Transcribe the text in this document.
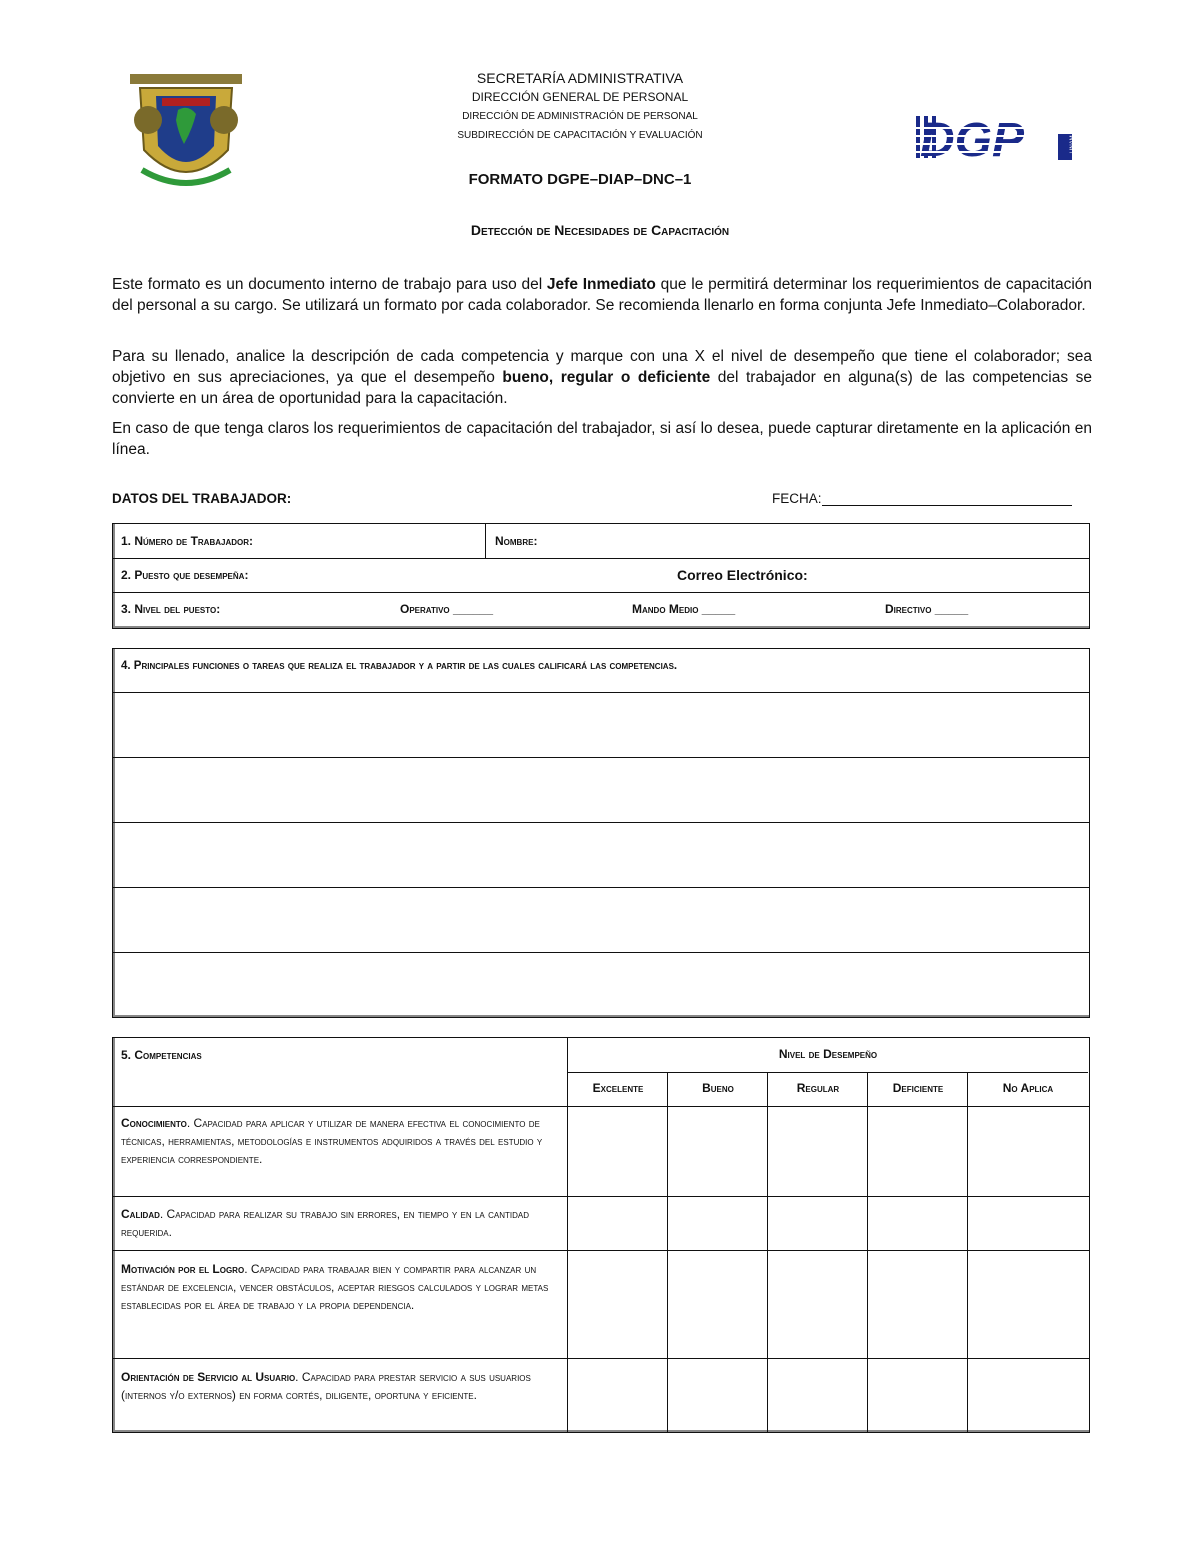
DGP	UNAM
SECRETARÍA ADMINISTRATIVA
DIRECCIÓN GENERAL DE PERSONAL
DIRECCIÓN DE ADMINISTRACIÓN DE PERSONAL
SUBDIRECCIÓN DE CAPACITACIÓN Y EVALUACIÓN
FORMATO DGPE–DIAP–DNC–1
Detección de Necesidades de Capacitación
Este formato es un documento interno de trabajo para uso del Jefe Inmediato que le permitirá determinar los requerimientos de capacitación del personal a su cargo. Se utilizará un formato por cada colaborador. Se recomienda llenarlo en forma conjunta Jefe Inmediato–Colaborador.
Para su llenado, analice la descripción de cada competencia y marque con una X el nivel de desempeño que tiene el colaborador; sea objetivo en sus apreciaciones, ya que el desempeño bueno, regular o deficiente del trabajador en alguna(s) de las competencias se convierte en un área de oportunidad para la capacitación.
En caso de que tenga claros los requerimientos de capacitación del trabajador, si así lo desea, puede capturar diretamente en la aplicación en línea.
DATOS DEL TRABAJADOR:	FECHA:
1. Número de Trabajador:	Nombre:
2. Puesto que desempeña:	Correo Electrónico:
3. Nivel del puesto:	Operativo ______	Mando Medio _____	Directivo _____
4. Principales funciones o tareas que realiza el trabajador y a partir de las cuales calificará las competencias.
5. Competencias	Nivel de Desempeño
Excelente	Bueno	Regular	Deficiente	No Aplica
Conocimiento. Capacidad para aplicar y utilizar de manera efectiva el conocimiento de técnicas, herramientas, metodologías e instrumentos adquiridos a través del estudio y experiencia correspondiente.
Calidad. Capacidad para realizar su trabajo sin errores, en tiempo y en la cantidad requerida.
Motivación por el Logro. Capacidad para trabajar bien y compartir para alcanzar un estándar de excelencia, vencer obstáculos, aceptar riesgos calculados y lograr metas establecidas por el área de trabajo y la propia dependencia.
Orientación de Servicio al Usuario. Capacidad para prestar servicio a sus usuarios (internos y/o externos) en forma cortés, diligente, oportuna y eficiente.
